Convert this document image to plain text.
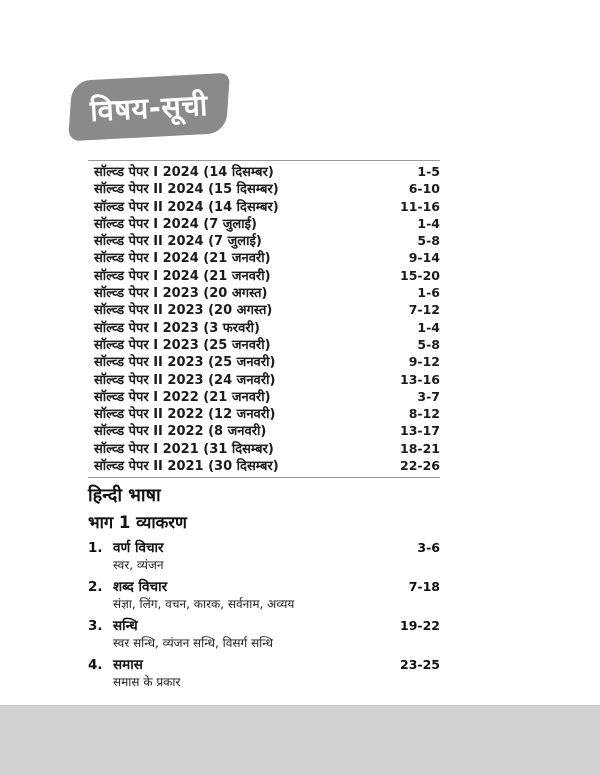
विषय-सूची
सॉल्व्ड पेपर I 2024 (14 दिसम्बर)	1-5
सॉल्व्ड पेपर II 2024 (15 दिसम्बर)	6-10
सॉल्व्ड पेपर II 2024 (14 दिसम्बर)	11-16
सॉल्व्ड पेपर I 2024 (7 जुलाई)	1-4
सॉल्व्ड पेपर II 2024 (7 जुलाई)	5-8
सॉल्व्ड पेपर I 2024 (21 जनवरी)	9-14
सॉल्व्ड पेपर I 2024 (21 जनवरी)	15-20
सॉल्व्ड पेपर I 2023 (20 अगस्त)	1-6
सॉल्व्ड पेपर II 2023 (20 अगस्त)	7-12
सॉल्व्ड पेपर I 2023 (3 फरवरी)	1-4
सॉल्व्ड पेपर I 2023 (25 जनवरी)	5-8
सॉल्व्ड पेपर II 2023 (25 जनवरी)	9-12
सॉल्व्ड पेपर II 2023 (24 जनवरी)	13-16
सॉल्व्ड पेपर I 2022 (21 जनवरी)	3-7
सॉल्व्ड पेपर II 2022 (12 जनवरी)	8-12
सॉल्व्ड पेपर II 2022 (8 जनवरी)	13-17
सॉल्व्ड पेपर I 2021 (31 दिसम्बर)	18-21
सॉल्व्ड पेपर II 2021 (30 दिसम्बर)	22-26
हिन्दी भाषा
भाग 1 व्याकरण
1. वर्ण विचार	3-6
स्वर, व्यंजन
2. शब्द विचार	7-18
संज्ञा, लिंग, वचन, कारक, सर्वनाम, अव्यय
3. सन्धि	19-22
स्वर सन्धि, व्यंजन सन्धि, विसर्ग सन्धि
4. समास	23-25
समास के प्रकार
